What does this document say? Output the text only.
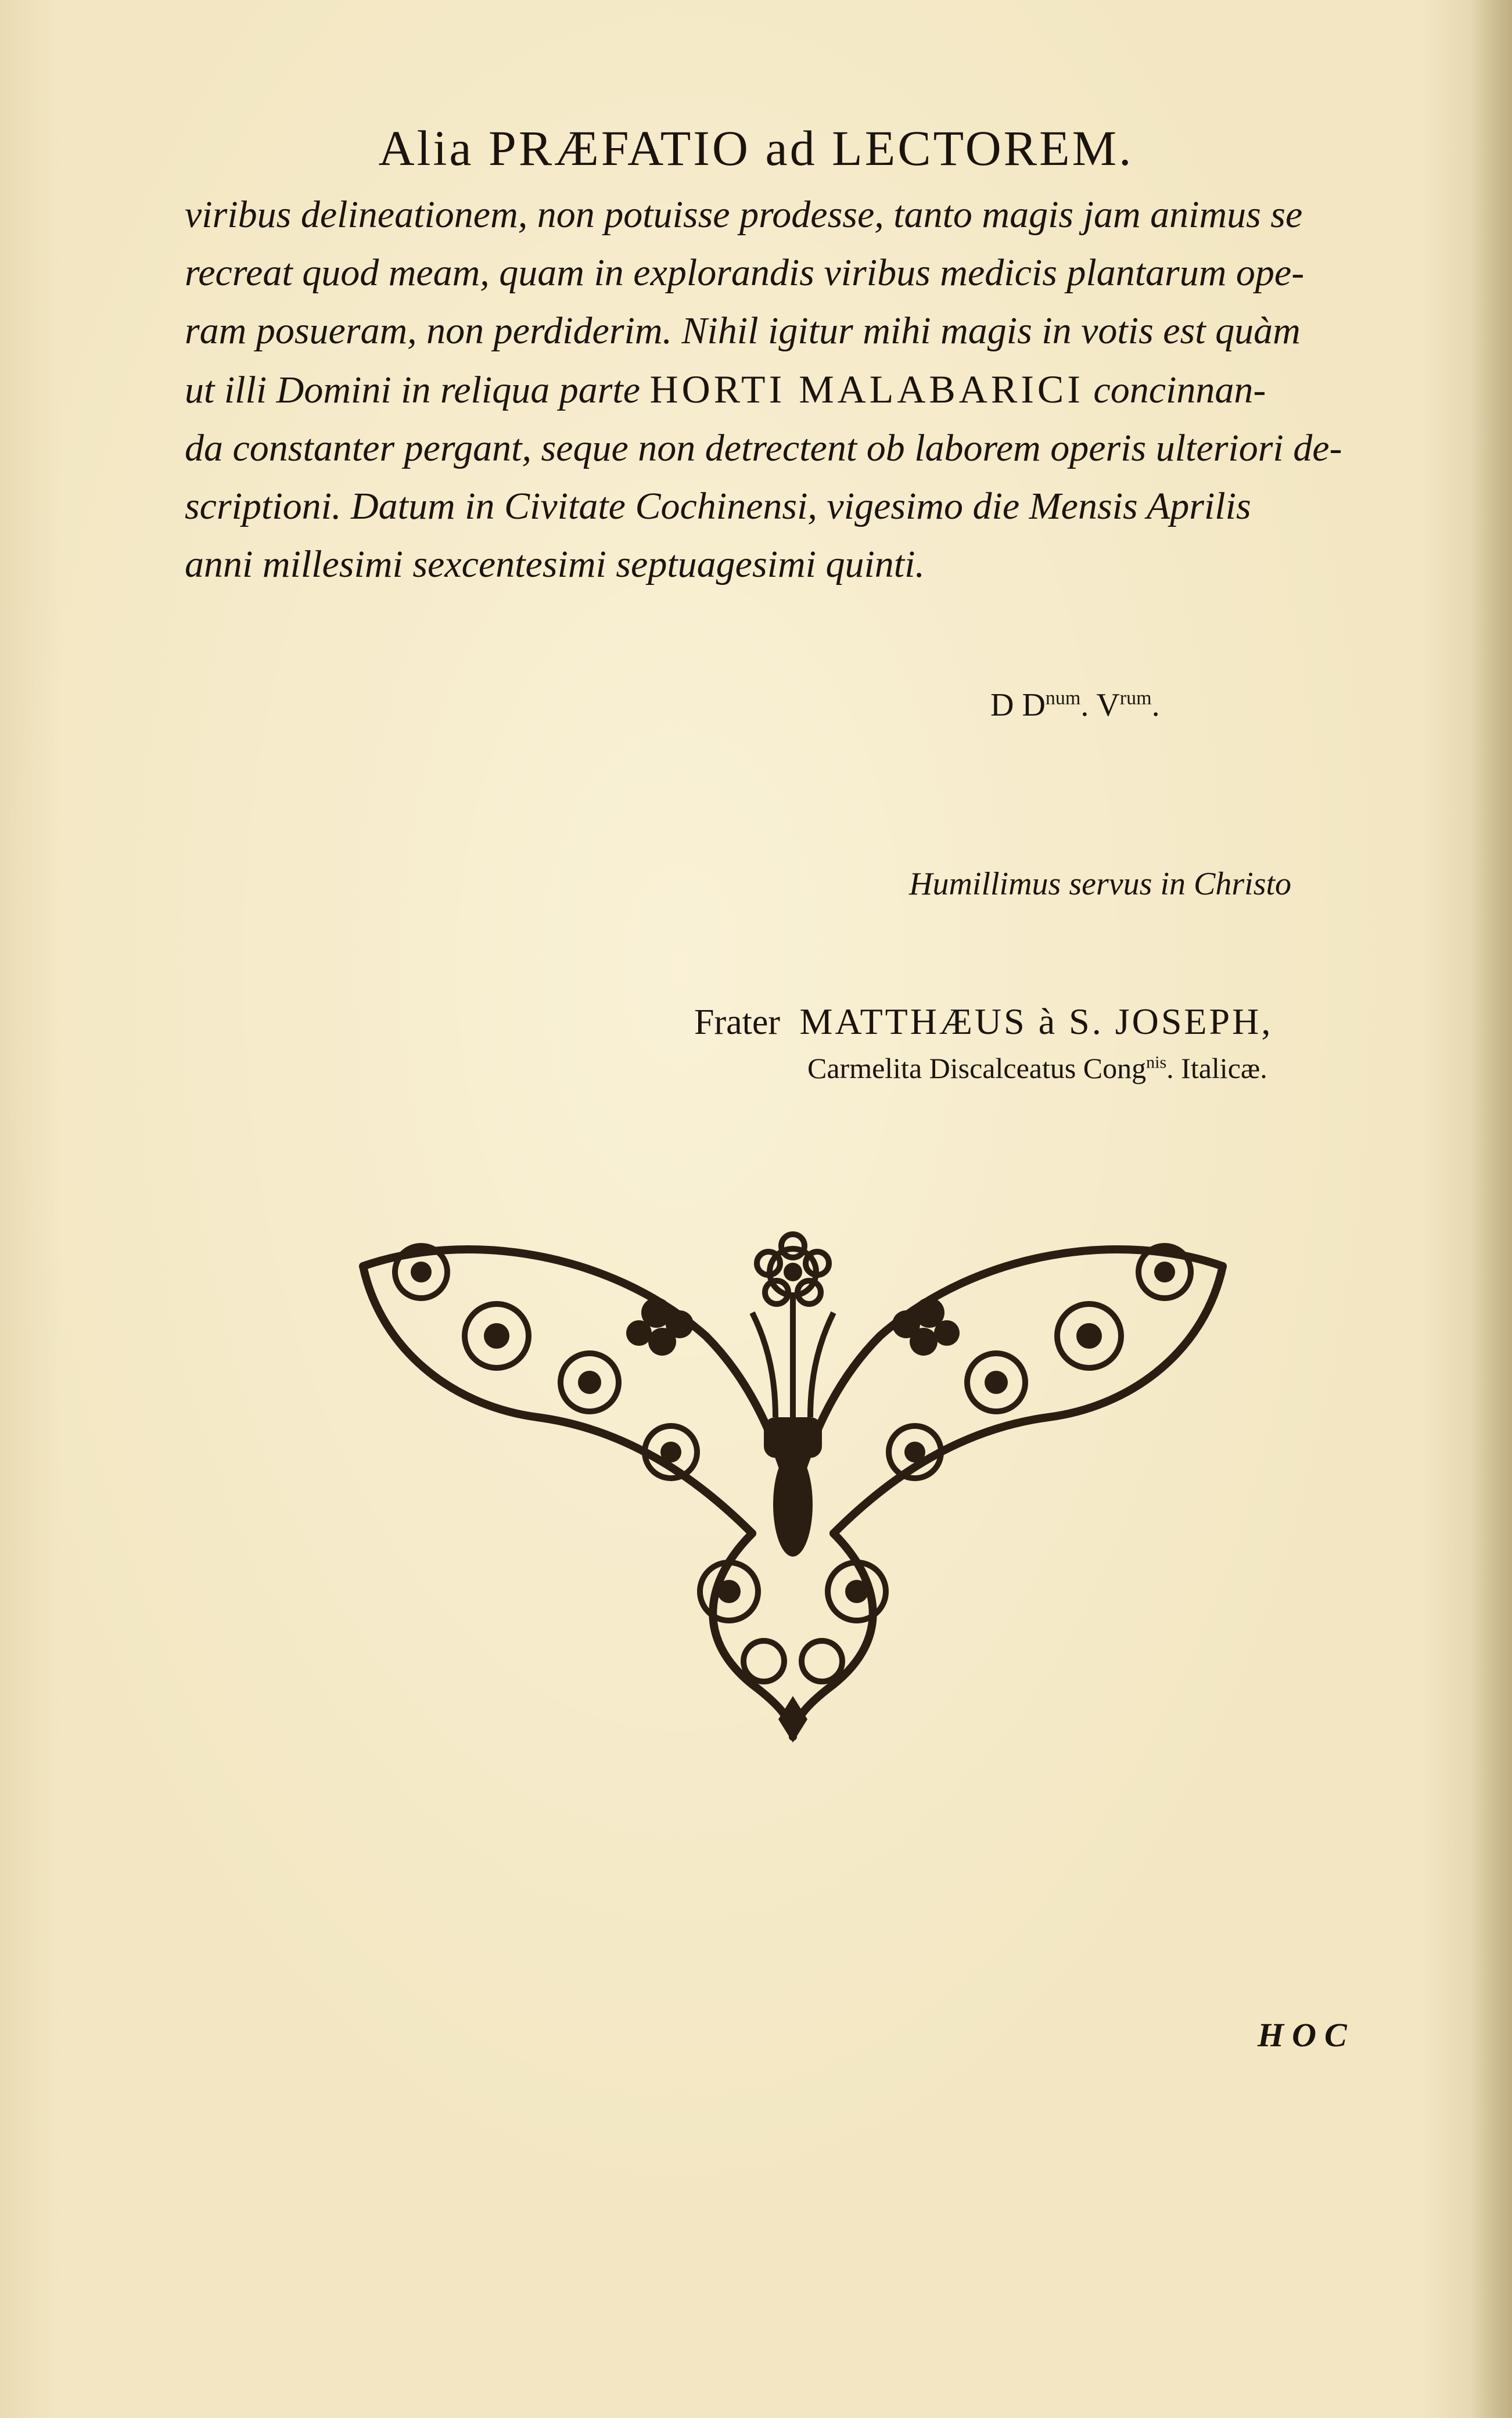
Alia PRÆFATIO ad LECTOREM.

viribus delineationem, non potuisse prodesse, tanto magis jam animus se

recreat quod meam, quam in explorandis viribus medicis plantarum ope-

ram posueram, non perdiderim. Nihil igitur mihi magis in votis est quàm

ut illi Domini in reliqua parte HORTI MALABARICI concinnan-

da constanter pergant, seque non detrectent ob laborem operis ulteriori de-

scriptioni. Datum in Civitate Cochinensi, vigesimo die Mensis Aprilis

anni millesimi sexcentesimi septuagesimi quinti.

D $D^{num}$. $V^{rum}$.
Humillimus servus in Christo
Frater MATTHÆUS à S. JOSEPH,
Carmelita Discalceatus Cong$^{nis}$. Italicæ.
HOC
